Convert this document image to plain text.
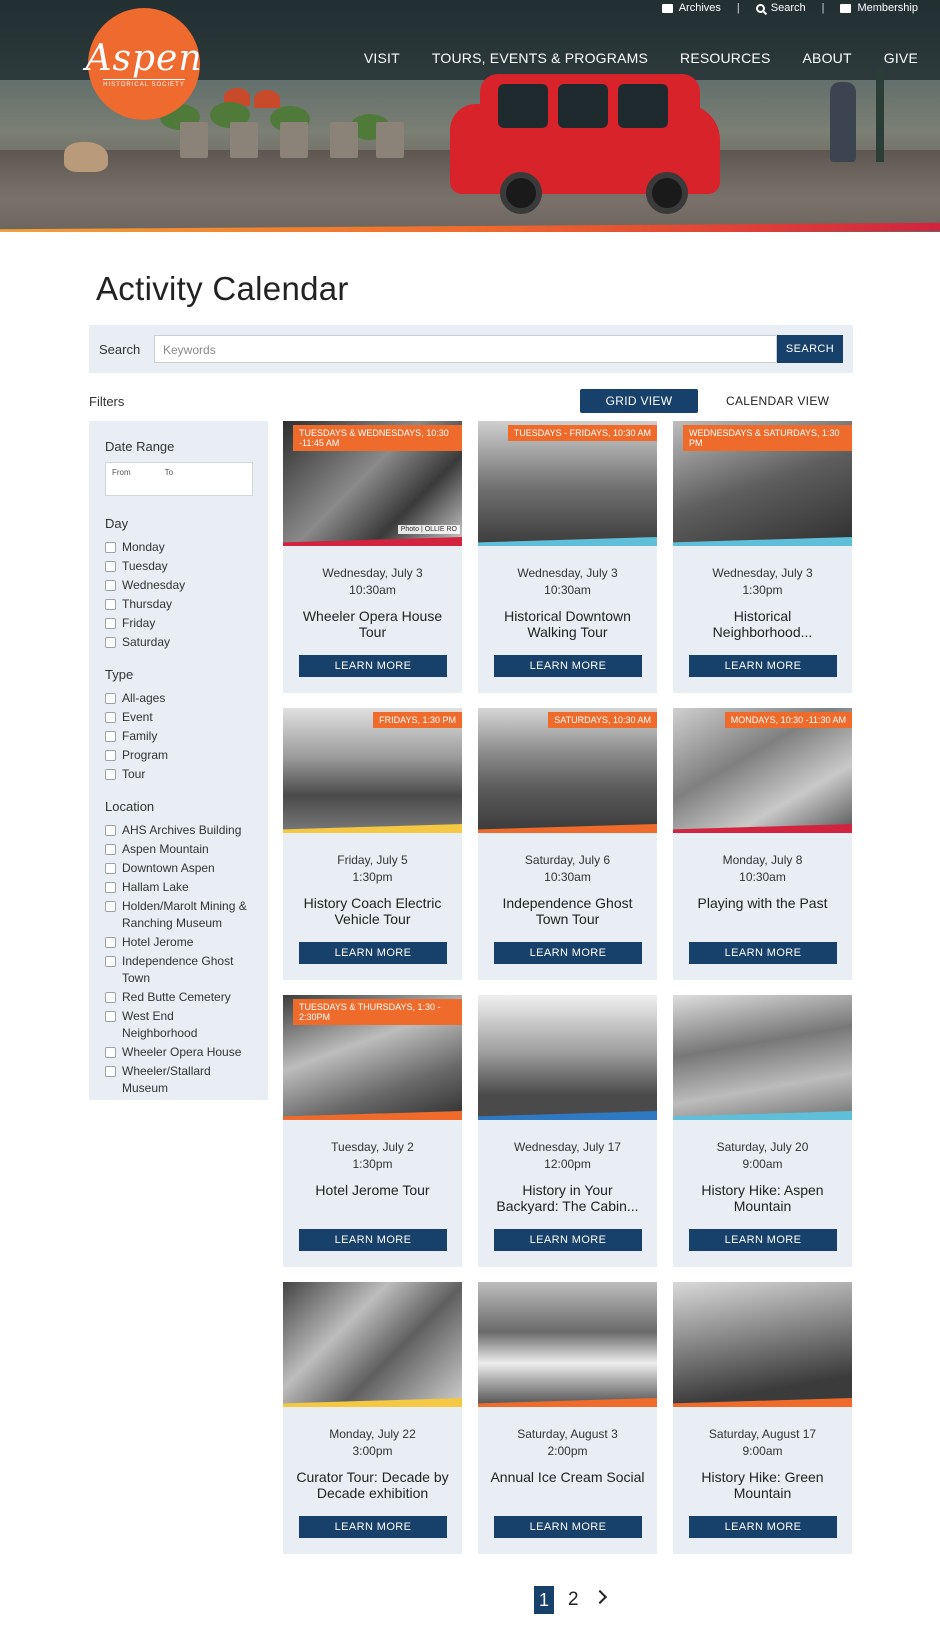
Aspen
HISTORICAL SOCIETY
Archives |	Search |	Membership
VISIT TOURS, EVENTS & PROGRAMS RESOURCES ABOUT GIVE
Activity Calendar
Search	Keywords	SEARCH
Filters	GRID VIEW	CALENDAR VIEW
Date Range
From	To
Day
Monday
Tuesday
Wednesday
Thursday
Friday
Saturday
Type
All-ages
Event
Family
Program
Tour
Location
AHS Archives Building
Aspen Mountain
Downtown Aspen
Hallam Lake
Holden/Marolt Mining & Ranching Museum
Hotel Jerome
Independence Ghost Town
Red Butte Cemetery
West End Neighborhood
Wheeler Opera House
Wheeler/Stallard Museum
TUESDAYS & WEDNESDAYS, 10:30 -11:45 AM
Photo | OLLIE RO
Wednesday, July 3
10:30am
Wheeler Opera House Tour
LEARN MORE
TUESDAYS - FRIDAYS, 10:30 AM
Wednesday, July 3
10:30am
Historical Downtown Walking Tour
LEARN MORE
WEDNESDAYS & SATURDAYS, 1:30 PM
Wednesday, July 3
1:30pm
Historical Neighborhood...
LEARN MORE
FRIDAYS, 1:30 PM
Friday, July 5
1:30pm
History Coach Electric Vehicle Tour
LEARN MORE
SATURDAYS, 10:30 AM
Saturday, July 6
10:30am
Independence Ghost Town Tour
LEARN MORE
MONDAYS, 10:30 -11:30 AM
Monday, July 8
10:30am
Playing with the Past
LEARN MORE
TUESDAYS & THURSDAYS, 1:30 - 2:30PM
Tuesday, July 2
1:30pm
Hotel Jerome Tour
LEARN MORE
Wednesday, July 17
12:00pm
History in Your Backyard: The Cabin...
LEARN MORE
Saturday, July 20
9:00am
History Hike: Aspen Mountain
LEARN MORE
Monday, July 22
3:00pm
Curator Tour: Decade by Decade exhibition
LEARN MORE
Saturday, August 3
2:00pm
Annual Ice Cream Social
LEARN MORE
Saturday, August 17
9:00am
History Hike: Green Mountain
LEARN MORE
1 2
